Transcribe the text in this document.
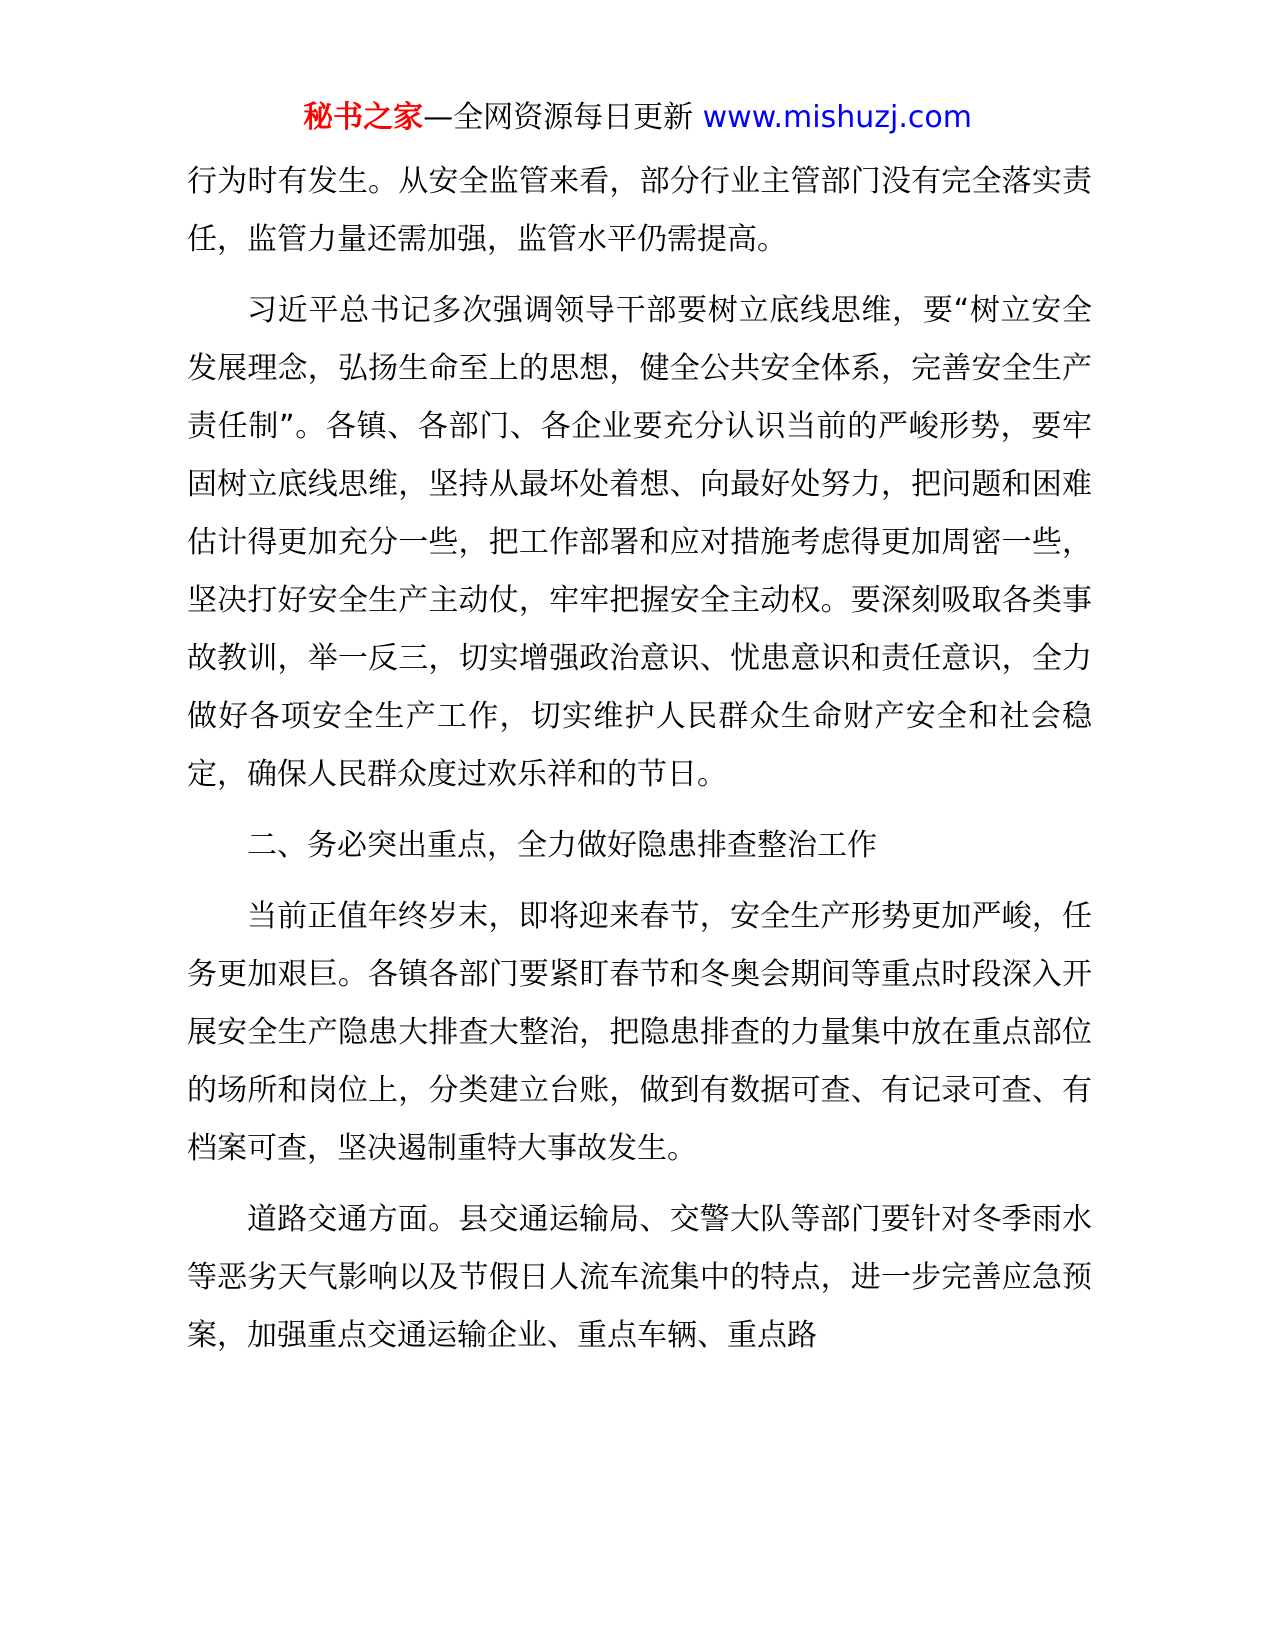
秘书之家—全网资源每日更新 www.mishuzj.com

行为时有发生。从安全监管来看，部分行业主管部门没有完全落实责任，监管力量还需加强，监管水平仍需提高。

习近平总书记多次强调领导干部要树立底线思维，要“树立安全发展理念，弘扬生命至上的思想，健全公共安全体系，完善安全生产责任制”。各镇、各部门、各企业要充分认识当前的严峻形势，要牢固树立底线思维，坚持从最坏处着想、向最好处努力，把问题和困难估计得更加充分一些，把工作部署和应对措施考虑得更加周密一些，坚决打好安全生产主动仗，牢牢把握安全主动权。要深刻吸取各类事故教训，举一反三，切实增强政治意识、忧患意识和责任意识，全力做好各项安全生产工作，切实维护人民群众生命财产安全和社会稳定，确保人民群众度过欢乐祥和的节日。

二、务必突出重点，全力做好隐患排查整治工作

当前正值年终岁末，即将迎来春节，安全生产形势更加严峻，任务更加艰巨。各镇各部门要紧盯春节和冬奥会期间等重点时段深入开展安全生产隐患大排查大整治，把隐患排查的力量集中放在重点部位的场所和岗位上，分类建立台账，做到有数据可查、有记录可查、有档案可查，坚决遏制重特大事故发生。

道路交通方面。县交通运输局、交警大队等部门要针对冬季雨水等恶劣天气影响以及节假日人流车流集中的特点，进一步完善应急预案，加强重点交通运输企业、重点车辆、重点路
